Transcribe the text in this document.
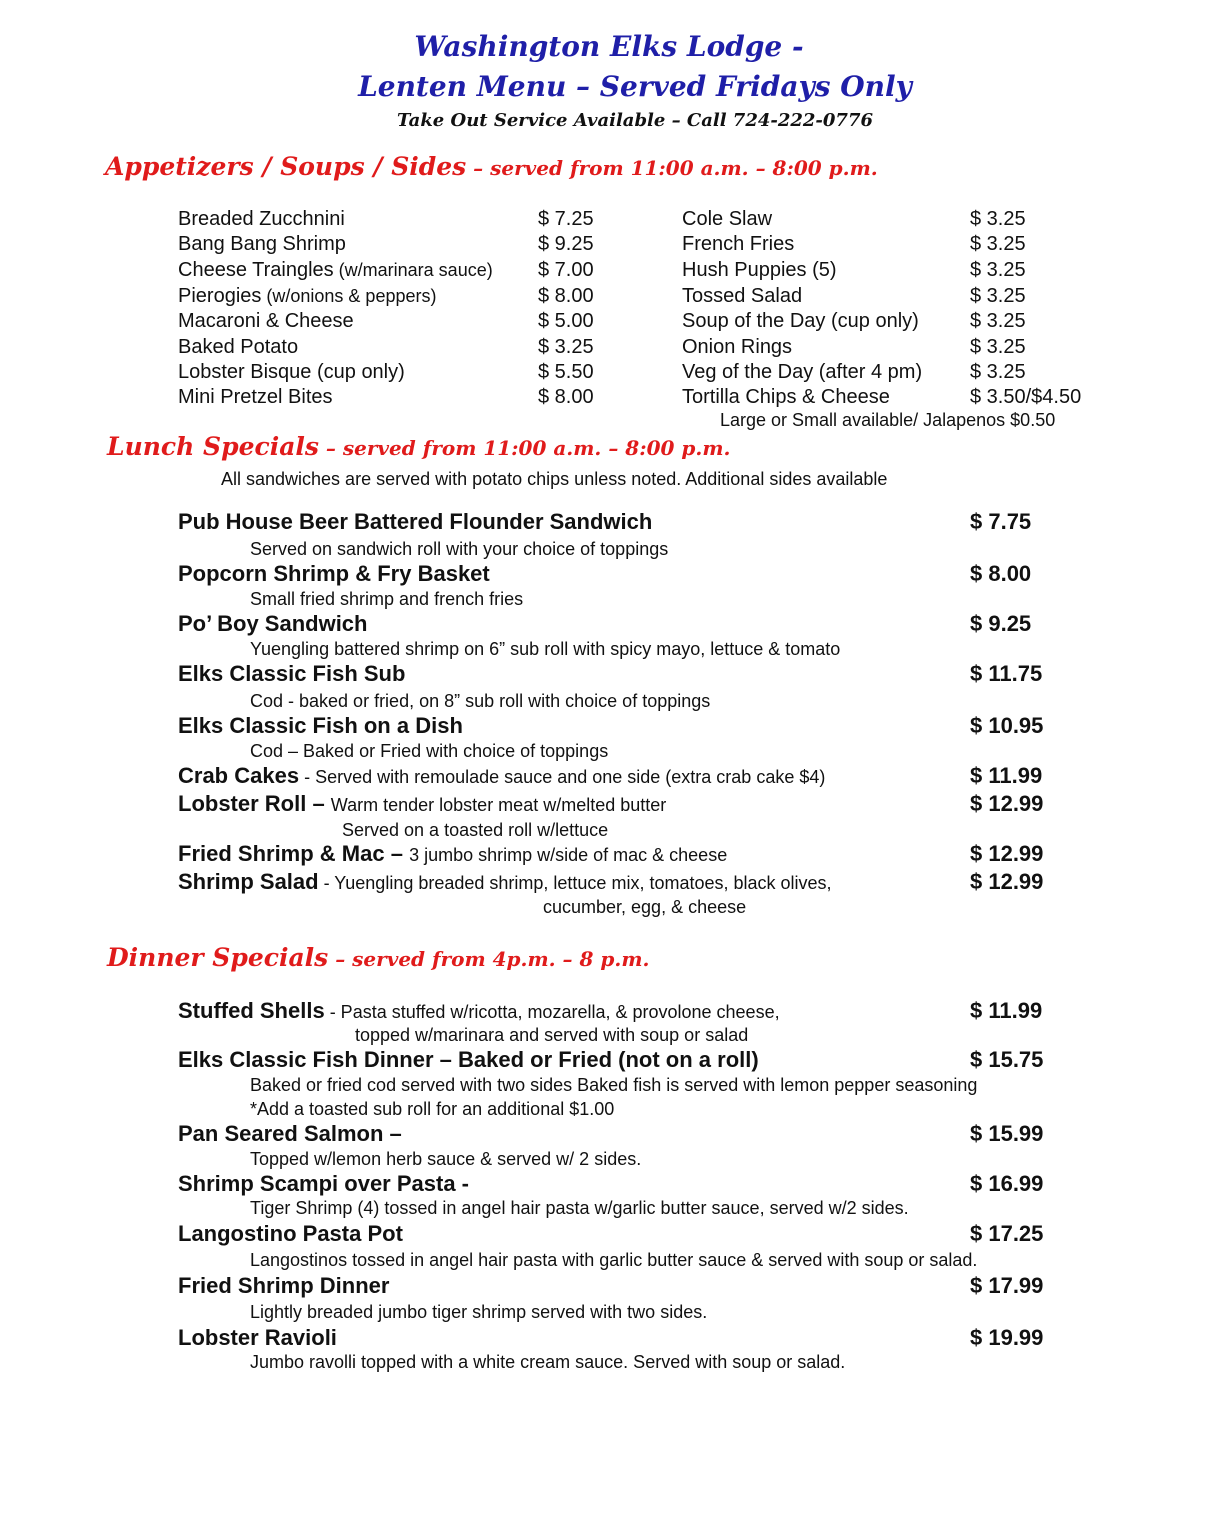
Washington Elks Lodge -
Lenten Menu – Served Fridays Only
Take Out Service Available – Call 724-222-0776
Appetizers / Soups / Sides – served from 11:00 a.m. – 8:00 p.m.
Breaded Zucchnini	$ 7.25
Bang Bang Shrimp	$ 9.25
Cheese Traingles (w/marinara sauce) $ 7.00
Pierogies (w/onions & peppers)	$ 8.00
Macaroni & Cheese	$ 5.00
Baked Potato	$ 3.25
Lobster Bisque (cup only)	$ 5.50
Mini Pretzel Bites	$ 8.00
Cole Slaw	$ 3.25
French Fries	$ 3.25
Hush Puppies (5)	$ 3.25
Tossed Salad	$ 3.25
Soup of the Day (cup only)	$ 3.25
Onion Rings	$ 3.25
Veg of the Day (after 4 pm) $ 3.25
Tortilla Chips & Cheese	$ 3.50/$4.50
Large or Small available/ Jalapenos $0.50
Lunch Specials – served from 11:00 a.m. – 8:00 p.m.
All sandwiches are served with potato chips unless noted. Additional sides available
Pub House Beer Battered Flounder Sandwich	$ 7.75
Served on sandwich roll with your choice of toppings
Popcorn Shrimp & Fry Basket	$ 8.00
Small fried shrimp and french fries
Po’ Boy Sandwich	$ 9.25
Yuengling battered shrimp on 6” sub roll with spicy mayo, lettuce & tomato
Elks Classic Fish Sub	$ 11.75
Cod - baked or fried, on 8” sub roll with choice of toppings
Elks Classic Fish on a Dish	$ 10.95
Cod – Baked or Fried with choice of toppings
Crab Cakes - Served with remoulade sauce and one side (extra crab cake $4)	$ 11.99
Lobster Roll – Warm tender lobster meat w/melted butter	$ 12.99
Served on a toasted roll w/lettuce
Fried Shrimp & Mac – 3 jumbo shrimp w/side of mac & cheese	$ 12.99
Shrimp Salad - Yuengling breaded shrimp, lettuce mix, tomatoes, black olives,	$ 12.99
cucumber, egg, & cheese
Dinner Specials – served from 4p.m. – 8 p.m.
Stuffed Shells - Pasta stuffed w/ricotta, mozarella, & provolone cheese,	$ 11.99
topped w/marinara and served with soup or salad
Elks Classic Fish Dinner – Baked or Fried (not on a roll)	$ 15.75
Baked or fried cod served with two sides Baked fish is served with lemon pepper seasoning
*Add a toasted sub roll for an additional $1.00
Pan Seared Salmon –	$ 15.99
Topped w/lemon herb sauce & served w/ 2 sides.
Shrimp Scampi over Pasta -	$ 16.99
Tiger Shrimp (4) tossed in angel hair pasta w/garlic butter sauce, served w/2 sides.
Langostino Pasta Pot	$ 17.25
Langostinos tossed in angel hair pasta with garlic butter sauce & served with soup or salad.
Fried Shrimp Dinner	$ 17.99
Lightly breaded jumbo tiger shrimp served with two sides.
Lobster Ravioli	$ 19.99
Jumbo ravolli topped with a white cream sauce. Served with soup or salad.
